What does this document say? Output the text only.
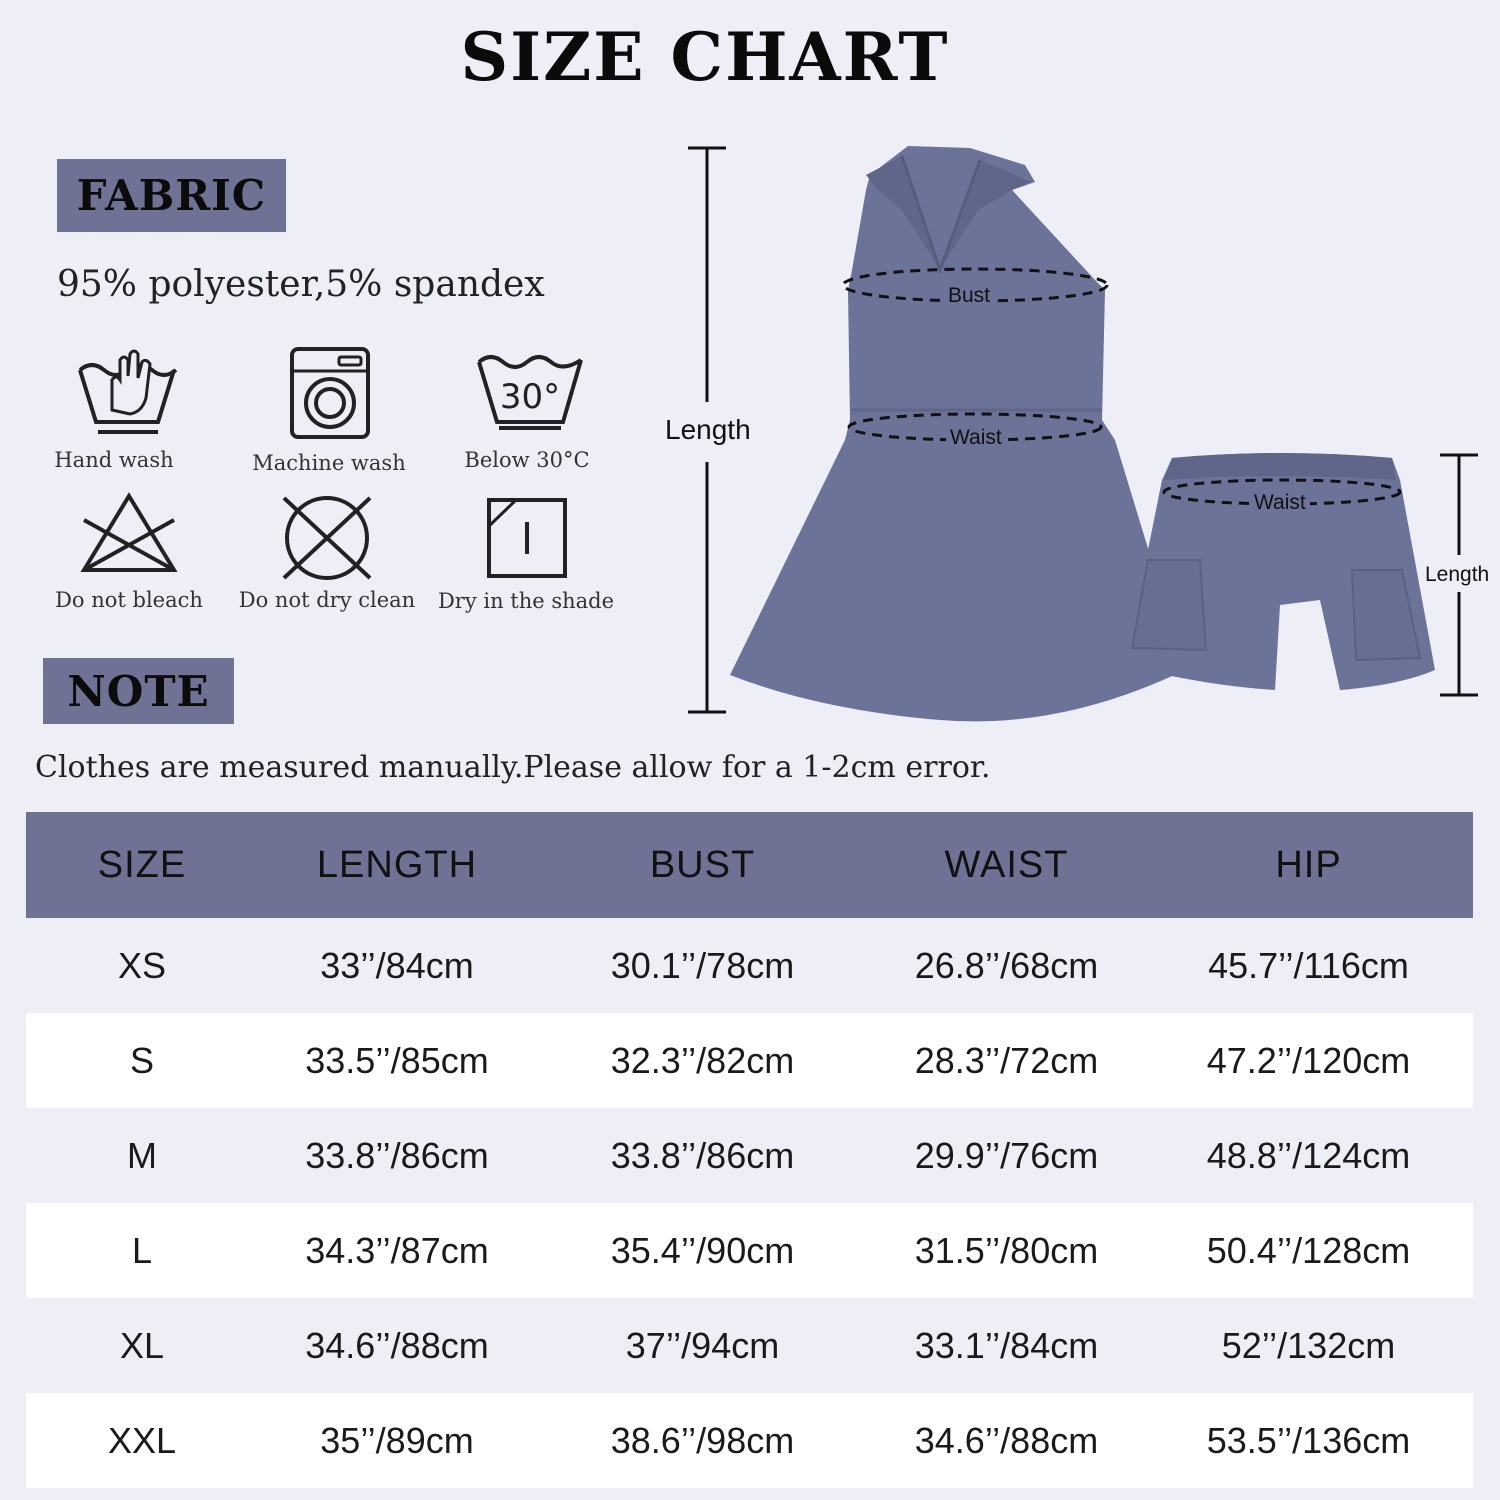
SIZE CHART
FABRIC
95% polyester,5% spandex
Hand wash	Machine wash
30°
Below 30°C
Do not bleach	Do not dry clean	Dry in the shade
NOTE
Clothes are measured manually.Please allow for a 1-2cm error.
Length
Bust
Waist
Waist
Length
SIZE	LENGTH	BUST	WAIST	HIP
XS	33’’/84cm	30.1’’/78cm	26.8’’/68cm	45.7’’/116cm
S	33.5’’/85cm	32.3’’/82cm	28.3’’/72cm	47.2’’/120cm
M	33.8’’/86cm	33.8’’/86cm	29.9’’/76cm	48.8’’/124cm
L	34.3’’/87cm	35.4’’/90cm	31.5’’/80cm	50.4’’/128cm
XL	34.6’’/88cm	37’’/94cm	33.1’’/84cm	52’’/132cm
XXL	35’’/89cm	38.6’’/98cm	34.6’’/88cm	53.5’’/136cm
